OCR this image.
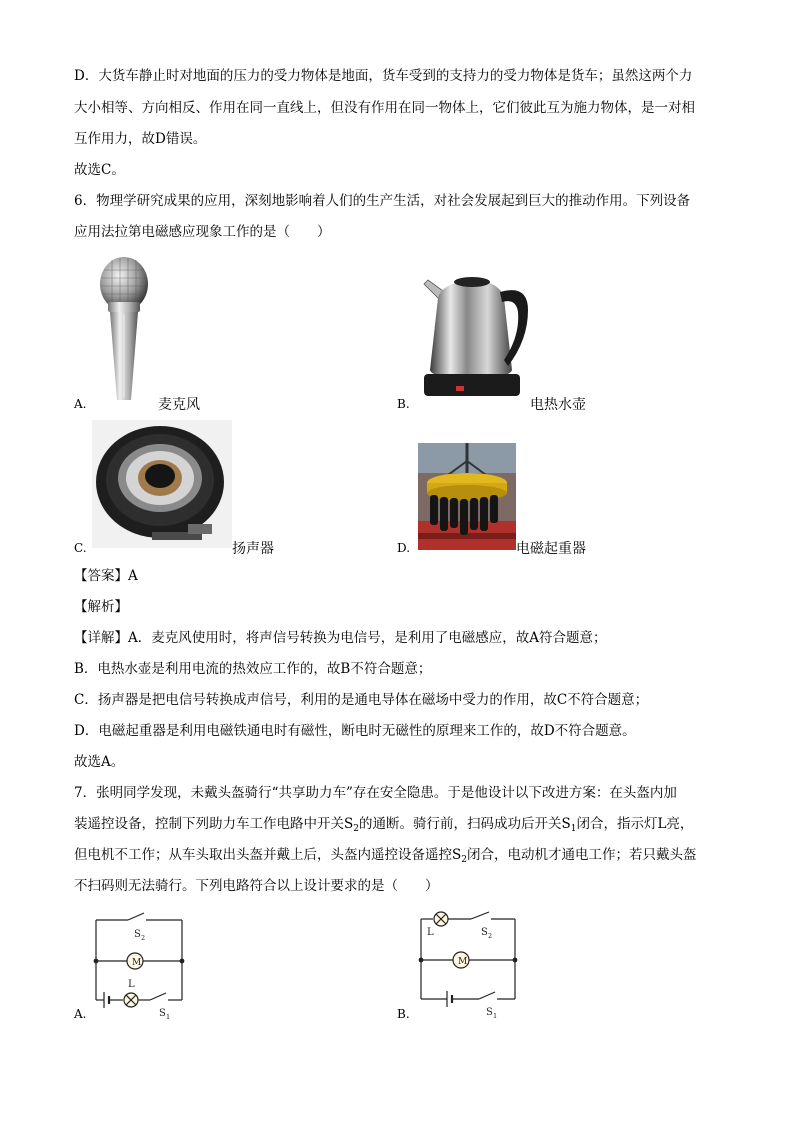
D．大货车静止时对地面的压力的受力物体是地面，货车受到的支持力的受力物体是货车；虽然这两个力
大小相等、方向相反、作用在同一直线上，但没有作用在同一物体上，它们彼此互为施力物体，是一对相
互作用力，故D错误。
故选C。
6．物理学研究成果的应用，深刻地影响着人们的生产生活，对社会发展起到巨大的推动作用。下列设备
应用法拉第电磁感应现象工作的是（　　）
A.	麦克风	B.	电热水壶
C.	扬声器	D.	电磁起重器
【答案】A
【解析】
【详解】A．麦克风使用时，将声信号转换为电信号，是利用了电磁感应，故A符合题意；
B．电热水壶是利用电流的热效应工作的，故B不符合题意；
C．扬声器是把电信号转换成声信号，利用的是通电导体在磁场中受力的作用，故C不符合题意；
D．电磁起重器是利用电磁铁通电时有磁性，断电时无磁性的原理来工作的，故D不符合题意。
故选A。
7．张明同学发现，未戴头盔骑行“共享助力车”存在安全隐患。于是他设计以下改进方案：在头盔内加
装遥控设备，控制下列助力车工作电路中开关$S_2$的通断。骑行前，扫码成功后开关$S_1$闭合，指示灯L亮，
但电机不工作；从车头取出头盔并戴上后，头盔内遥控设备遥控$S_2$闭合，电动机才通电工作；若只戴头盔
不扫码则无法骑行。下列电路符合以上设计要求的是（　　）
S 2
M
L
S 1
A.
L	S 2
M
S 1
B.
